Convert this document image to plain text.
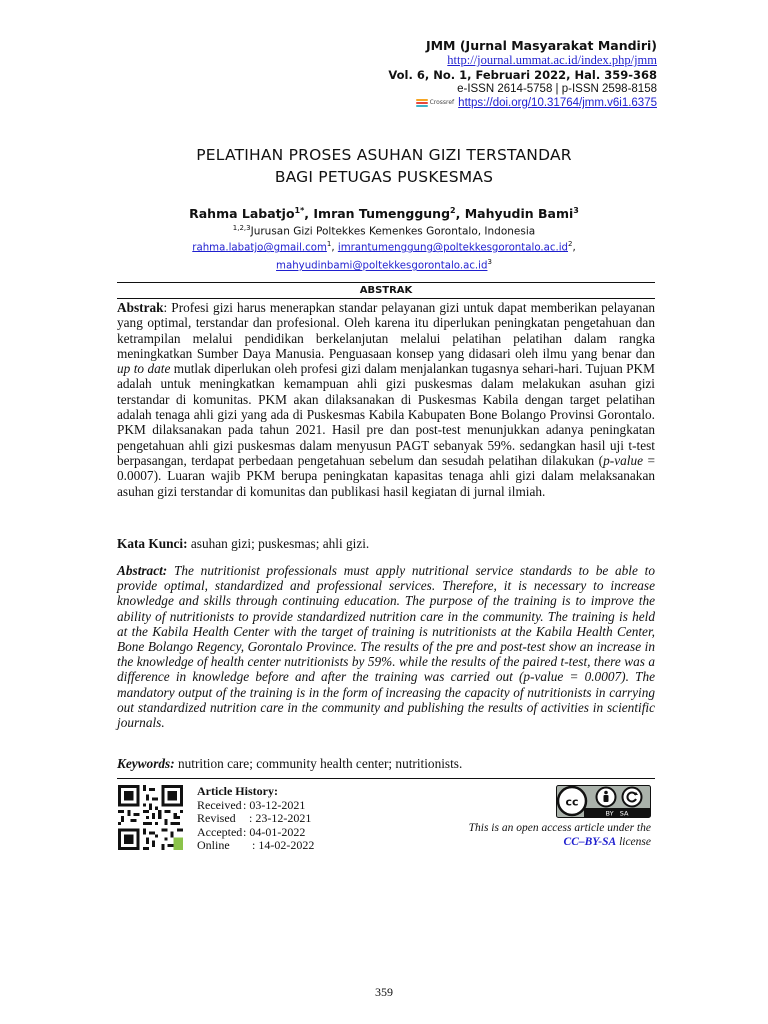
JMM (Jurnal Masyarakat Mandiri)
http://journal.ummat.ac.id/index.php/jmm
Vol. 6, No. 1, Februari 2022, Hal. 359-368
e-ISSN 2614-5758 | p-ISSN 2598-8158
Crossref https://doi.org/10.31764/jmm.v6i1.6375
PELATIHAN PROSES ASUHAN GIZI TERSTANDAR
BAGI PETUGAS PUSKESMAS
Rahma Labatjo$^{1*}$, Imran Tumenggung$^2$, Mahyudin Bami$^3$
$^{1,2,3}$Jurusan Gizi Poltekkes Kemenkes Gorontalo, Indonesia
rahma.labatjo@gmail.com$^1$, $imrantumenggung@poltekkesgorontalo.ac.id^2$,
$mahyudinbami@poltekkesgorontalo.ac.id^3$
ABSTRAK
Abstrak: Profesi gizi harus menerapkan standar pelayanan gizi untuk dapat memberikan pelayanan yang optimal, terstandar dan profesional. Oleh karena itu diperlukan peningkatan pengetahuan dan ketrampilan melalui pendidikan berkelanjutan melalui pelatihan pelatihan dalam rangka meningkatkan Sumber Daya Manusia. Penguasaan konsep yang didasari oleh ilmu yang benar dan up to date mutlak diperlukan oleh profesi gizi dalam menjalankan tugasnya sehari-hari. Tujuan PKM adalah untuk meningkatkan kemampuan ahli gizi puskesmas dalam melakukan asuhan gizi terstandar di komunitas. PKM akan dilaksanakan di Puskesmas Kabila dengan target pelatihan adalah tenaga ahli gizi yang ada di Puskesmas Kabila Kabupaten Bone Bolango Provinsi Gorontalo. PKM dilaksanakan pada tahun 2021. Hasil pre dan post-test menunjukkan adanya peningkatan pengetahuan ahli gizi puskesmas dalam menyusun PAGT sebanyak 59%. sedangkan hasil uji t-test berpasangan, terdapat perbedaan pengetahuan sebelum dan sesudah pelatihan dilakukan (p-value = 0.0007). Luaran wajib PKM berupa peningkatan kapasitas tenaga ahli gizi dalam melaksanakan asuhan gizi terstandar di komunitas dan publikasi hasil kegiatan di jurnal ilmiah.
Kata Kunci: asuhan gizi; puskesmas; ahli gizi.
Abstract: The nutritionist professionals must apply nutritional service standards to be able to provide optimal, standardized and professional services. Therefore, it is necessary to increase knowledge and skills through continuing education. The purpose of the training is to improve the ability of nutritionists to provide standardized nutrition care in the community. The training is held at the Kabila Health Center with the target of training is nutritionists at the Kabila Health Center, Bone Bolango Regency, Gorontalo Province. The results of the pre and post-test show an increase in the knowledge of health center nutritionists by 59%. while the results of the paired t-test, there was a difference in knowledge before and after the training was carried out (p-value = 0.0007). The mandatory output of the training is in the form of increasing the capacity of nutritionists in carrying out standardized nutrition care in the community and publishing the results of activities in scientific journals.
Keywords: nutrition care; community health center; nutritionists.
Article History:
Received : 03-12-2021
Revised : 23-12-2021
Accepted : 04-01-2022
Online	: 14-02-2022
cc
BY   SA
This is an open access article under the
CC–BY-SA license
359
